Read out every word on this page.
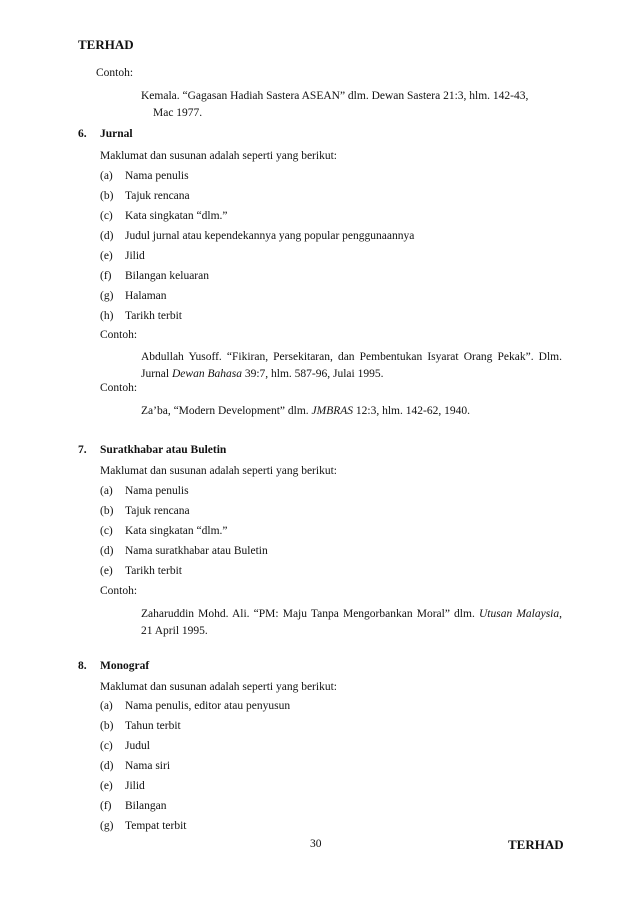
TERHAD
Contoh:
Kemala. “Gagasan Hadiah Sastera ASEAN” dlm. Dewan Sastera 21:3, hlm. 142-43,
Mac 1977.
6. Jurnal
Maklumat dan susunan adalah seperti yang berikut:
(a) Nama penulis
(b) Tajuk rencana
(c) Kata singkatan “dlm.”
(d) Judul jurnal atau kependekannya yang popular penggunaannya
(e) Jilid
(f) Bilangan keluaran
(g) Halaman
(h) Tarikh terbit
Contoh:
Abdullah Yusoff. “Fikiran, Persekitaran, dan Pembentukan Isyarat Orang Pekak”. Dlm. Jurnal Dewan Bahasa 39:7, hlm. 587-96, Julai 1995.
Contoh:
Za’ba, “Modern Development” dlm. JMBRAS 12:3, hlm. 142-62, 1940.
7. Suratkhabar atau Buletin
Maklumat dan susunan adalah seperti yang berikut:
(a) Nama penulis
(b) Tajuk rencana
(c) Kata singkatan “dlm.”
(d) Nama suratkhabar atau Buletin
(e) Tarikh terbit
Contoh:
Zaharuddin Mohd. Ali. “PM: Maju Tanpa Mengorbankan Moral” dlm. Utusan Malaysia, 21 April 1995.
8. Monograf
Maklumat dan susunan adalah seperti yang berikut:
(a) Nama penulis, editor atau penyusun
(b) Tahun terbit
(c) Judul
(d) Nama siri
(e) Jilid
(f) Bilangan
(g) Tempat terbit
30	TERHAD
